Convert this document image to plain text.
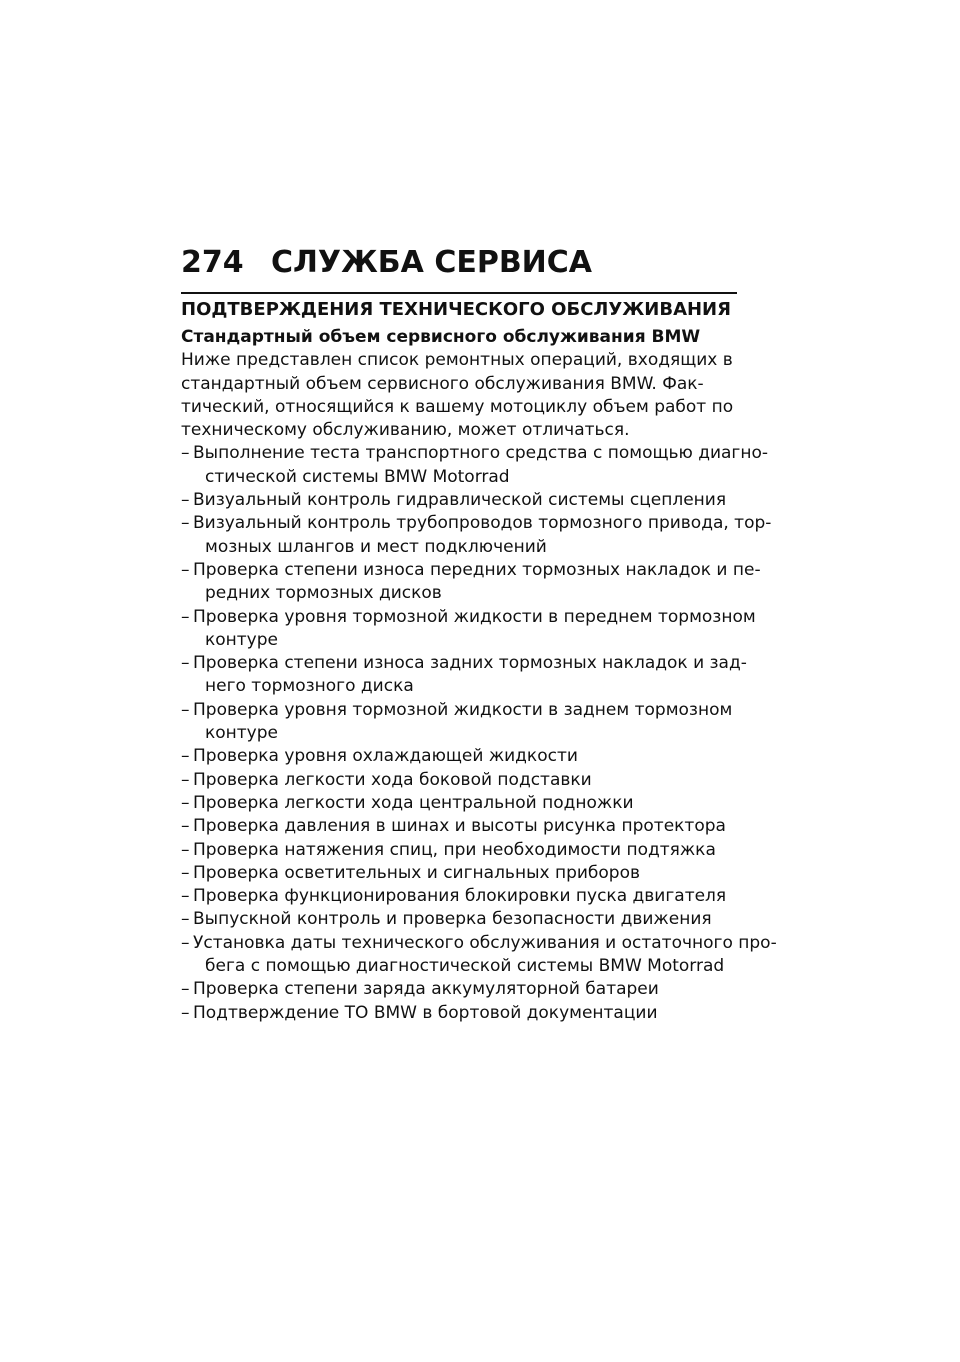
274 СЛУЖБА СЕРВИСА
ПОДТВЕРЖДЕНИЯ ТЕХНИЧЕСКОГО ОБСЛУЖИВАНИЯ
Стандартный объем сервисного обслуживания BMW
Ниже представлен список ремонтных операций, входящих в
стандартный объем сервисного обслуживания BMW. Фак-
тический, относящийся к вашему мотоциклу объем работ по
техническому обслуживанию, может отличаться.
– Выполнение теста транспортного средства с помощью диагно-
стической системы BMW Motorrad
– Визуальный контроль гидравлической системы сцепления
– Визуальный контроль трубопроводов тормозного привода, тор-
мозных шлангов и мест подключений
– Проверка степени износа передних тормозных накладок и пе-
редних тормозных дисков
– Проверка уровня тормозной жидкости в переднем тормозном
контуре
– Проверка степени износа задних тормозных накладок и зад-
него тормозного диска
– Проверка уровня тормозной жидкости в заднем тормозном
контуре
– Проверка уровня охлаждающей жидкости
– Проверка легкости хода боковой подставки
– Проверка легкости хода центральной подножки
– Проверка давления в шинах и высоты рисунка протектора
– Проверка натяжения спиц, при необходимости подтяжка
– Проверка осветительных и сигнальных приборов
– Проверка функционирования блокировки пуска двигателя
– Выпускной контроль и проверка безопасности движения
– Установка даты технического обслуживания и остаточного про-
бега с помощью диагностической системы BMW Motorrad
– Проверка степени заряда аккумуляторной батареи
– Подтверждение ТО BMW в бортовой документации
